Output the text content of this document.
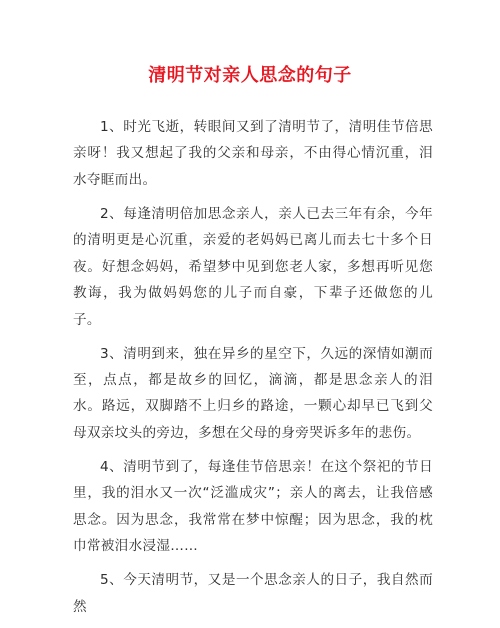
清明节对亲人思念的句子

1、时光飞逝，转眼间又到了清明节了，清明佳节倍思亲呀！我又想起了我的父亲和母亲，不由得心情沉重，泪水夺眶而出。

2、每逢清明倍加思念亲人，亲人已去三年有余，今年的清明更是心沉重，亲爱的老妈妈已离儿而去七十多个日夜。好想念妈妈，希望梦中见到您老人家，多想再听见您教诲，我为做妈妈您的儿子而自豪，下辈子还做您的儿子。

3、清明到来，独在异乡的星空下，久远的深情如潮而至，点点，都是故乡的回忆，滴滴，都是思念亲人的泪水。路远，双脚踏不上归乡的路途，一颗心却早已飞到父母双亲坟头的旁边，多想在父母的身旁哭诉多年的悲伤。

4、清明节到了，每逢佳节倍思亲！在这个祭祀的节日里，我的泪水又一次“泛滥成灾”；亲人的离去，让我倍感思念。因为思念，我常常在梦中惊醒；因为思念，我的枕巾常被泪水浸湿……

5、今天清明节，又是一个思念亲人的日子，我自然而然
